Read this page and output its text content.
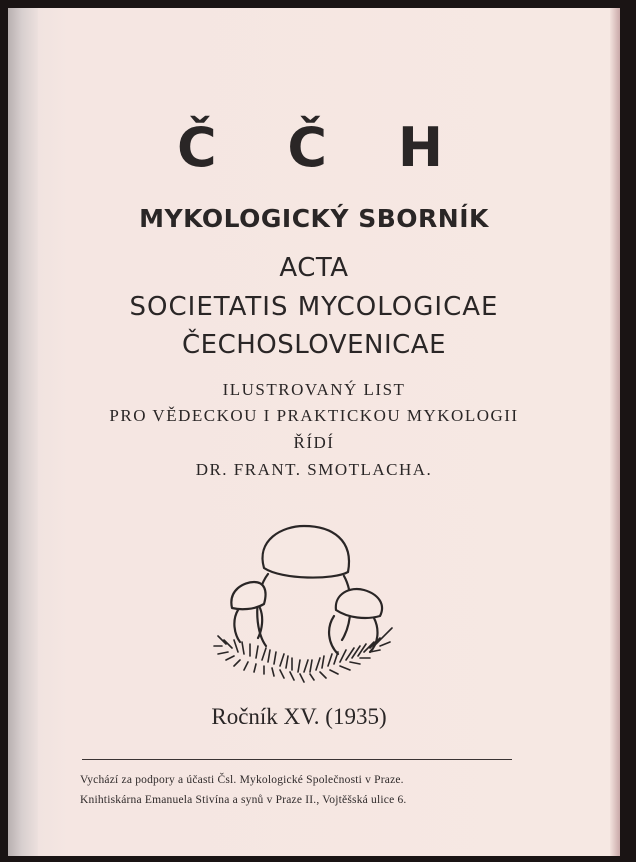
Č Č H
MYKOLOGICKÝ SBORNÍK
ACTA
SOCIETATIS MYCOLOGICAE
ČECHOSLOVENICAE
ILUSTROVANÝ LIST
PRO VĚDECKOU I PRAKTICKOU MYKOLOGII
ŘÍDÍ
DR. FRANT. SMOTLACHA.
Ročník XV. (1935)
Vychází za podpory a účasti Čsl. Mykologické Společnosti v Praze.
Knihtiskárna Emanuela Stivína a synů v Praze II., Vojtěšská ulice 6.
